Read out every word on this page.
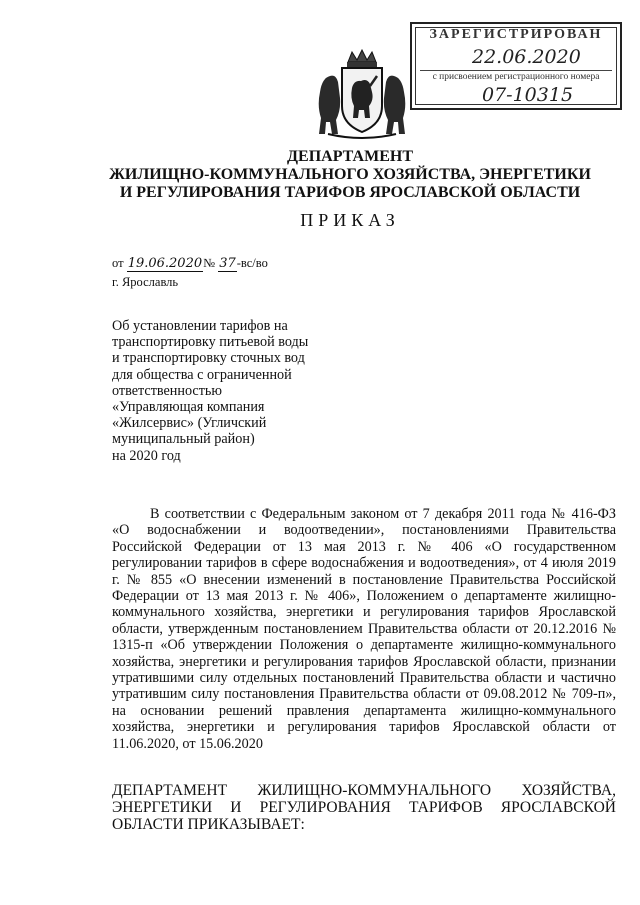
ЗАРЕГИСТРИРОВАН
22.06.2020
с присвоением регистрационного номера
07-10315
ДЕПАРТАМЕНТ
ЖИЛИЩНО-КОММУНАЛЬНОГО ХОЗЯЙСТВА, ЭНЕРГЕТИКИ
И РЕГУЛИРОВАНИЯ ТАРИФОВ ЯРОСЛАВСКОЙ ОБЛАСТИ
ПРИКАЗ
от 19.06.2020№ 37-вс/во
г. Ярославль
Об установлении тарифов на
транспортировку питьевой воды
и транспортировку сточных вод
для общества с ограниченной
ответственностью
«Управляющая компания
«Жилсервис» (Угличский
муниципальный район)
на 2020 год
В соответствии с Федеральным законом от 7 декабря 2011 года № 416-ФЗ «О водоснабжении и водоотведении», постановлениями Правительства Российской Федерации от 13 мая 2013 г. № 406 «О государственном регулировании тарифов в сфере водоснабжения и водоотведения», от 4 июля 2019 г. № 855 «О внесении изменений в постановление Правительства Российской Федерации от 13 мая 2013 г. № 406», Положением о департаменте жилищно-коммунального хозяйства, энергетики и регулирования тарифов Ярославской области, утвержденным постановлением Правительства области от 20.12.2016 № 1315-п «Об утверждении Положения о департаменте жилищно-коммунального хозяйства, энергетики и регулирования тарифов Ярославской области, признании утратившими силу отдельных постановлений Правительства области и частично утратившим силу постановления Правительства области от 09.08.2012 № 709-п», на основании решений правления департамента жилищно-коммунального хозяйства, энергетики и регулирования тарифов Ярославской области от 11.06.2020, от 15.06.2020
ДЕПАРТАМЕНТ ЖИЛИЩНО-КОММУНАЛЬНОГО ХОЗЯЙСТВА, ЭНЕРГЕТИКИ И РЕГУЛИРОВАНИЯ ТАРИФОВ ЯРОСЛАВСКОЙ ОБЛАСТИ ПРИКАЗЫВАЕТ:
